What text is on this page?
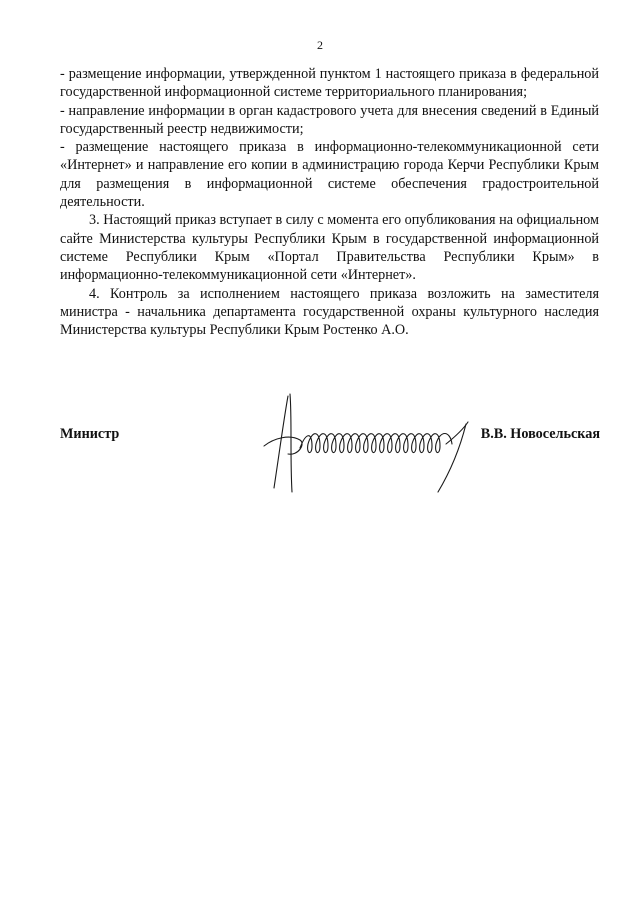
2

- размещение информации, утвержденной пунктом 1 настоящего приказа в федеральной государственной информационной системе территориального планирования;

- направление информации в орган кадастрового учета для внесения сведений в Единый государственный реестр недвижимости;

- размещение настоящего приказа в информационно-телекоммуникационной сети «Интернет» и направление его копии в администрацию города Керчи Республики Крым для размещения в информационной системе обеспечения градостроительной деятельности.

3. Настоящий приказ вступает в силу с момента его опубликования на официальном сайте Министерства культуры Республики Крым в государственной информационной системе Республики Крым «Портал Правительства Республики Крым» в информационно-телекоммуникационной сети «Интернет».

4. Контроль за исполнением настоящего приказа возложить на заместителя министра - начальника департамента государственной охраны культурного наследия Министерства культуры Республики Крым Ростенко А.О.

Министр	В.В. Новосельская
